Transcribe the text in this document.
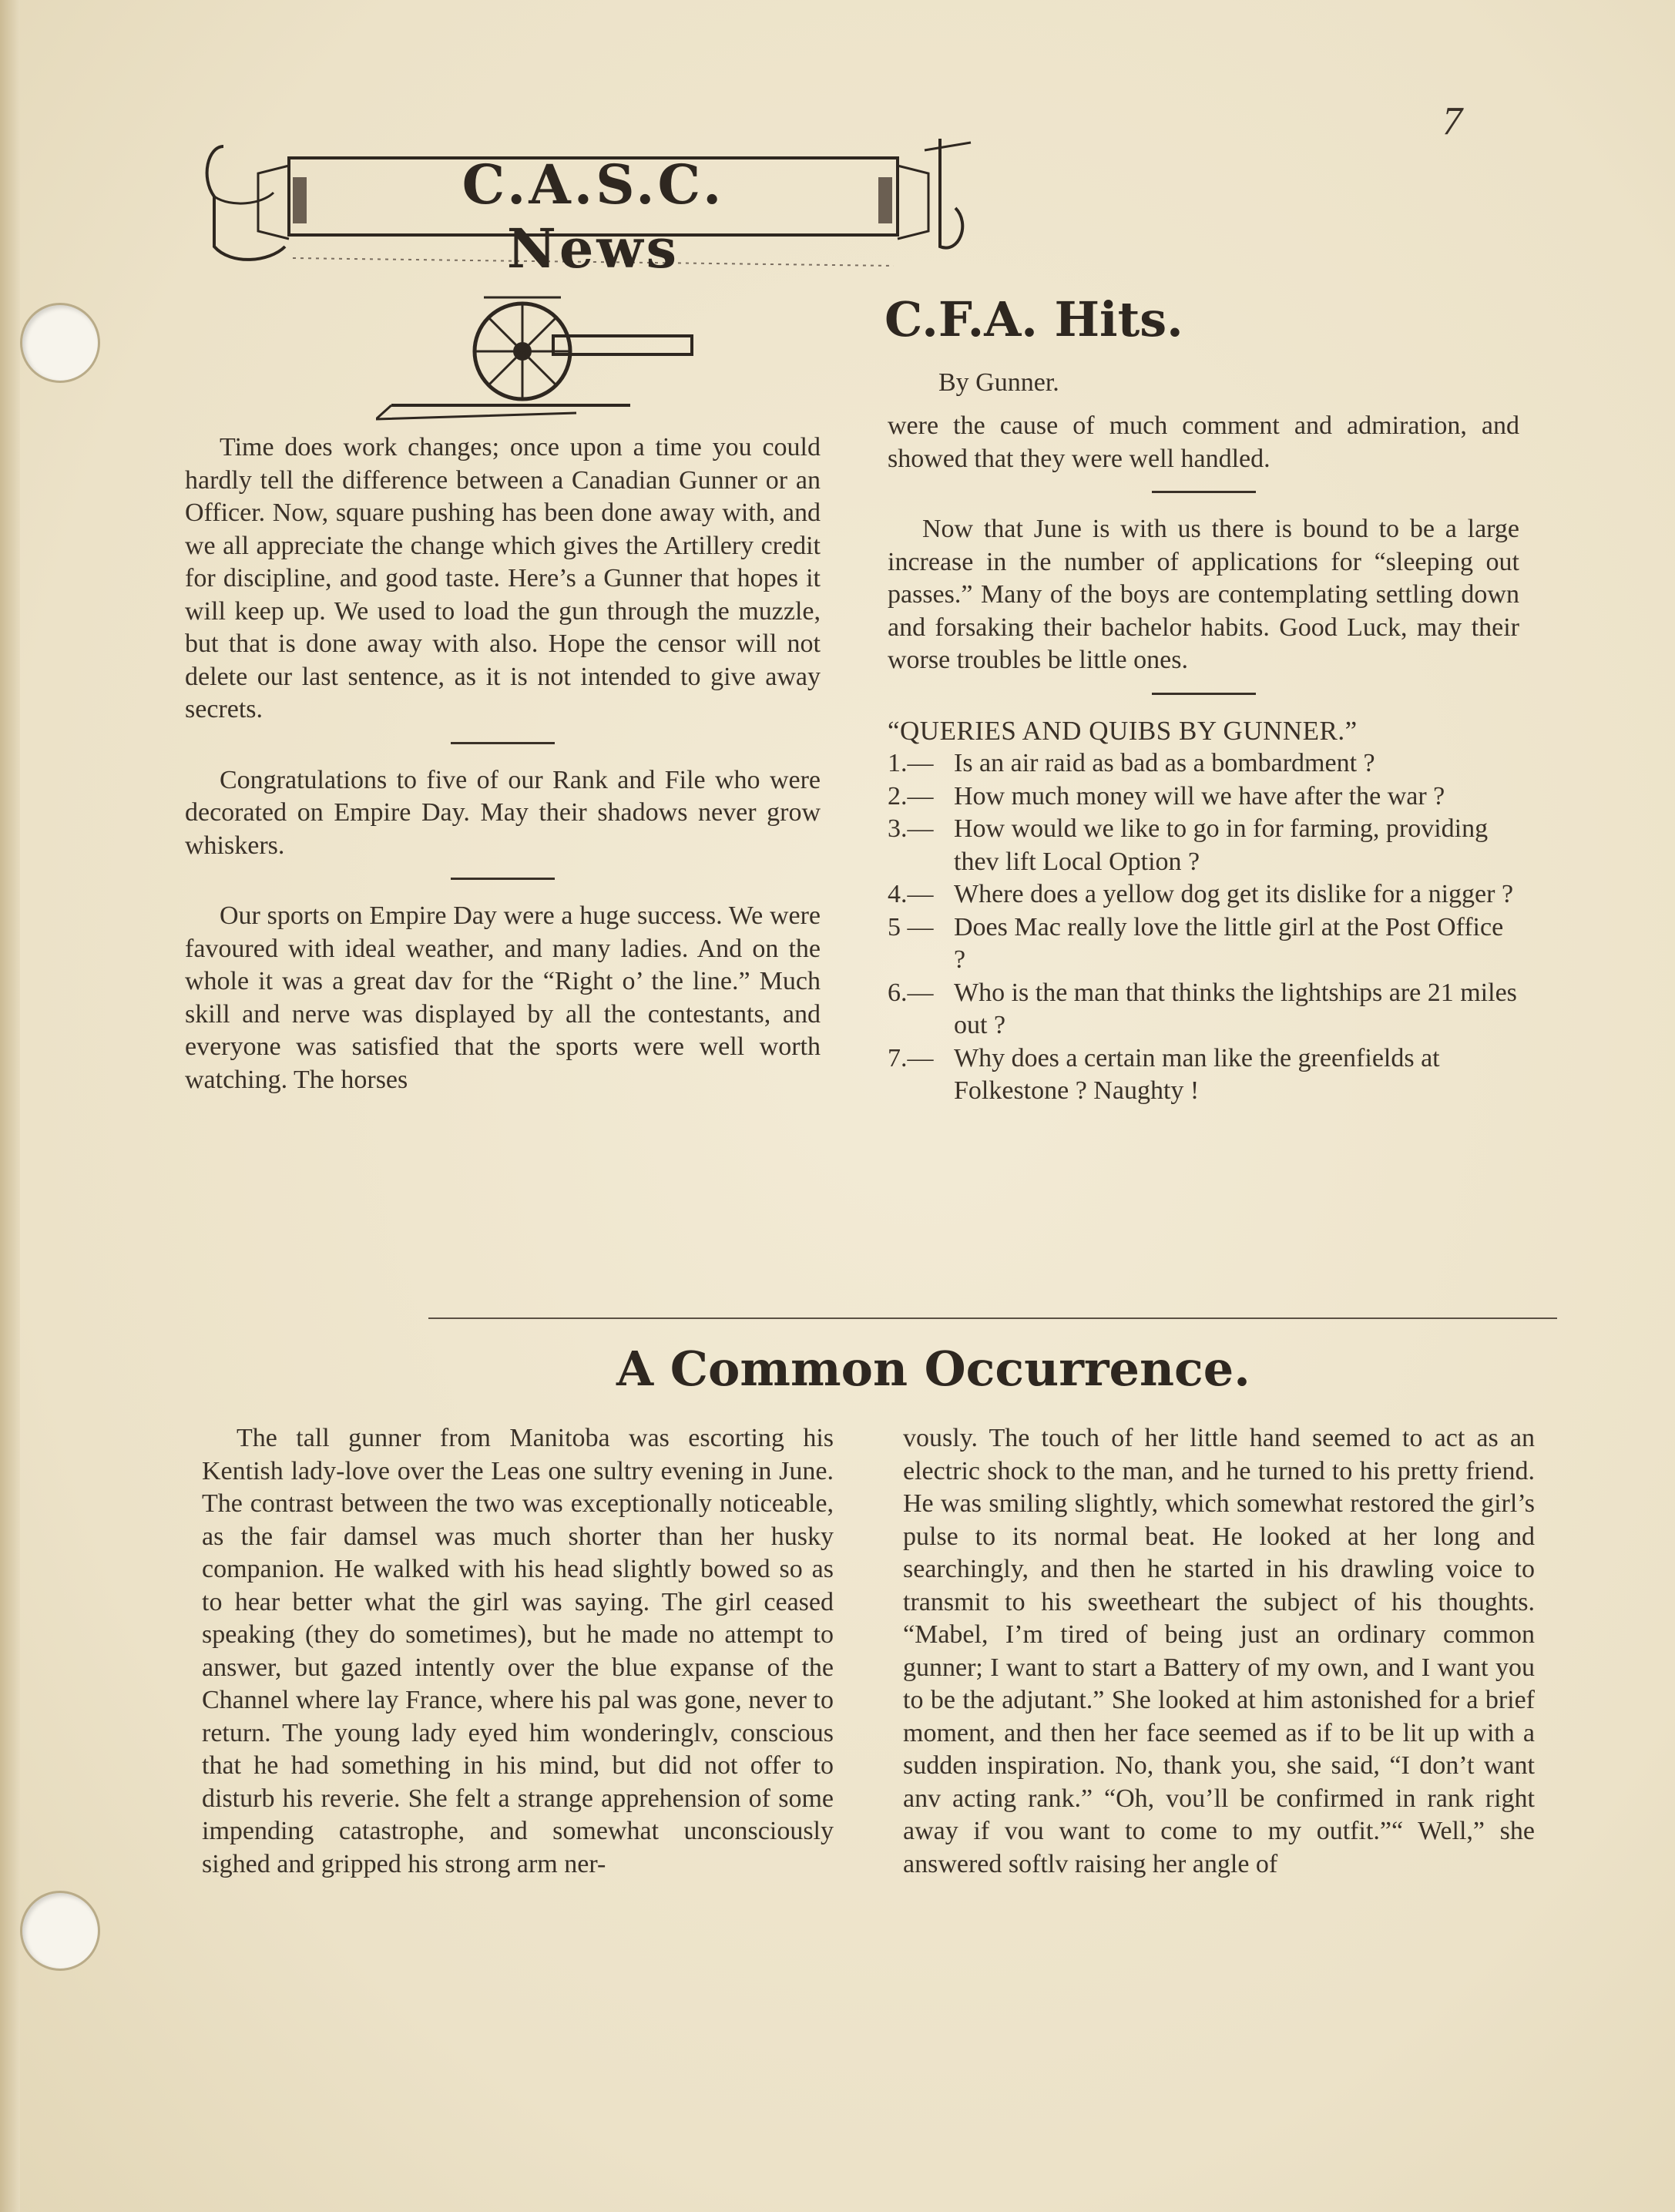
7
C.A.S.C. News

Time does work changes; once upon a time you could hardly tell the difference between a Canadian Gunner or an Officer. Now, square pushing has been done away with, and we all appreciate the change which gives the Artillery credit for discipline, and good taste. Here’s a Gunner that hopes it will keep up. We used to load the gun through the muzzle, but that is done away with also. Hope the censor will not delete our last sentence, as it is not intended to give away secrets.

Congratulations to five of our Rank and File who were decorated on Empire Day. May their shadows never grow whiskers.

Our sports on Empire Day were a huge success. We were favoured with ideal weather, and many ladies. And on the whole it was a great dav for the “Right o’ the line.” Much skill and nerve was displayed by all the contestants, and everyone was satisfied that the sports were well worth watching. The horses

C.F.A. Hits.
By Gunner.

were the cause of much comment and admiration, and showed that they were well handled.

Now that June is with us there is bound to be a large increase in the number of applications for “sleeping out passes.” Many of the boys are contemplating settling down and forsaking their bachelor habits. Good Luck, may their worse troubles be little ones.

“QUERIES AND QUIBS BY GUNNER.”

1.— Is an air raid as bad as a bombardment ?
2.— How much money will we have after the war ?
3.— How would we like to go in for farming, providing thev lift Local Option ?
4.— Where does a yellow dog get its dislike for a nigger ?
5 — Does Mac really love the little girl at the Post Office ?
6.— Who is the man that thinks the lightships are 21 miles out ?
7.— Why does a certain man like the greenfields at Folkestone ? Naughty !
A Common Occurrence.

The tall gunner from Manitoba was escorting his Kentish lady-love over the Leas one sultry evening in June. The contrast between the two was exceptionally noticeable, as the fair damsel was much shorter than her husky companion. He walked with his head slightly bowed so as to hear better what the girl was saying. The girl ceased speaking (they do sometimes), but he made no attempt to answer, but gazed intently over the blue expanse of the Channel where lay France, where his pal was gone, never to return. The young lady eyed him wonderinglv, conscious that he had something in his mind, but did not offer to disturb his reverie. She felt a strange apprehension of some impending catastrophe, and somewhat unconsciously sighed and gripped his strong arm ner-

vously. The touch of her little hand seemed to act as an electric shock to the man, and he turned to his pretty friend. He was smiling slightly, which somewhat restored the girl’s pulse to its normal beat. He looked at her long and searchingly, and then he started in his drawling voice to transmit to his sweetheart the subject of his thoughts. “Mabel, I’m tired of being just an ordinary common gunner; I want to start a Battery of my own, and I want you to be the adjutant.” She looked at him astonished for a brief moment, and then her face seemed as if to be lit up with a sudden inspiration. No, thank you, she said, “I don’t want anv acting rank.” “Oh, vou’ll be confirmed in rank right away if vou want to come to my outfit.”“ Well,” she answered softlv raising her angle of
